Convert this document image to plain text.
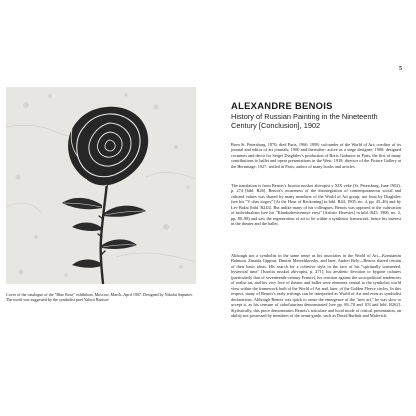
Cover of the catalogue of the "Blue Rose" exhibition, Moscow, March–April 1907. Designed by Nikolai Sapunov. The motif was suggested by the symbolist poet Valerii Briusov.

5
ALEXANDRE BENOIS

History of Russian Painting in the Nineteenth Century [Conclusion], 1902

Born St. Petersburg, 1870; died Paris, 1960. 1898: cofounder of the World of Art; coeditor of its journal and editor of art journals; 1900 and thereafter: active as a stage designer; 1908: designed costumes and decor for Sergei Diaghilev's production of Boris Godunov in Paris, the first of many contributions to ballet and opera presentations in the West; 1918: director of the Picture Gallery at the Hermitage; 1927: settled in Paris; author of many books and articles.

The translation is from Benois's Istoriia russkoi zhivopisi v XIX veke (St. Petersburg, June 1902), p. 274 [bibl. R26]. Benois's awareness of the disintegration of contemporaneous social and cultural values was shared by many members of the World of Art group, not least by Diaghilev (see his "V chas itogov" [At the Hour of Reckoning] in bibl. R44, 1905, no. 4, pp. 45–46) and by Lev Bakst [bibl. R243]. But unlike many of his colleagues, Benois was opposed to the cultivation of individualism (see his "Khudozhestvennye eresi" [Artistic Heresies] in bibl. R45, 1906, no. 2, pp. 80–88) and saw the regeneration of art to lie within a synthetist framework, hence his interest in the theater and the ballet.

Although not a symbolist in the same sense as his associates in the World of Art—Konstantin Balmont, Zinaida Gippius, Dmitrii Merezhkovsky, and later, Andrei Bely—Benois shared certain of their basic ideas. His search for a cohesive style in the face of his "spiritually tormented, hysterical time" [Istoriia russkoi zhivopisi, p. 271], his aesthetic devotion to bygone cultures (particularly that of seventeenth-century France), his reaction against the sociopolitical tendencies of realist art, and his very love of theater and ballet were elements central to the symbolist world view within the framework both of the World of Art and, later, of the Golden Fleece circles. In this respect, many of Benois's early writings can be interpreted as World of Art and even as symbolist declarations. Although Benois was quick to sense the emergence of the "new art," he was slow to accept it, as his censure of cubofuturism demonstrated [see pp. 69–70 and 103 and bibl. R262]. Stylistically, this piece demonstrates Benois's articulate and lucid mode of critical presentation, an ability not possessed by members of the avant-garde, such as David Burliuk and Malevich.
